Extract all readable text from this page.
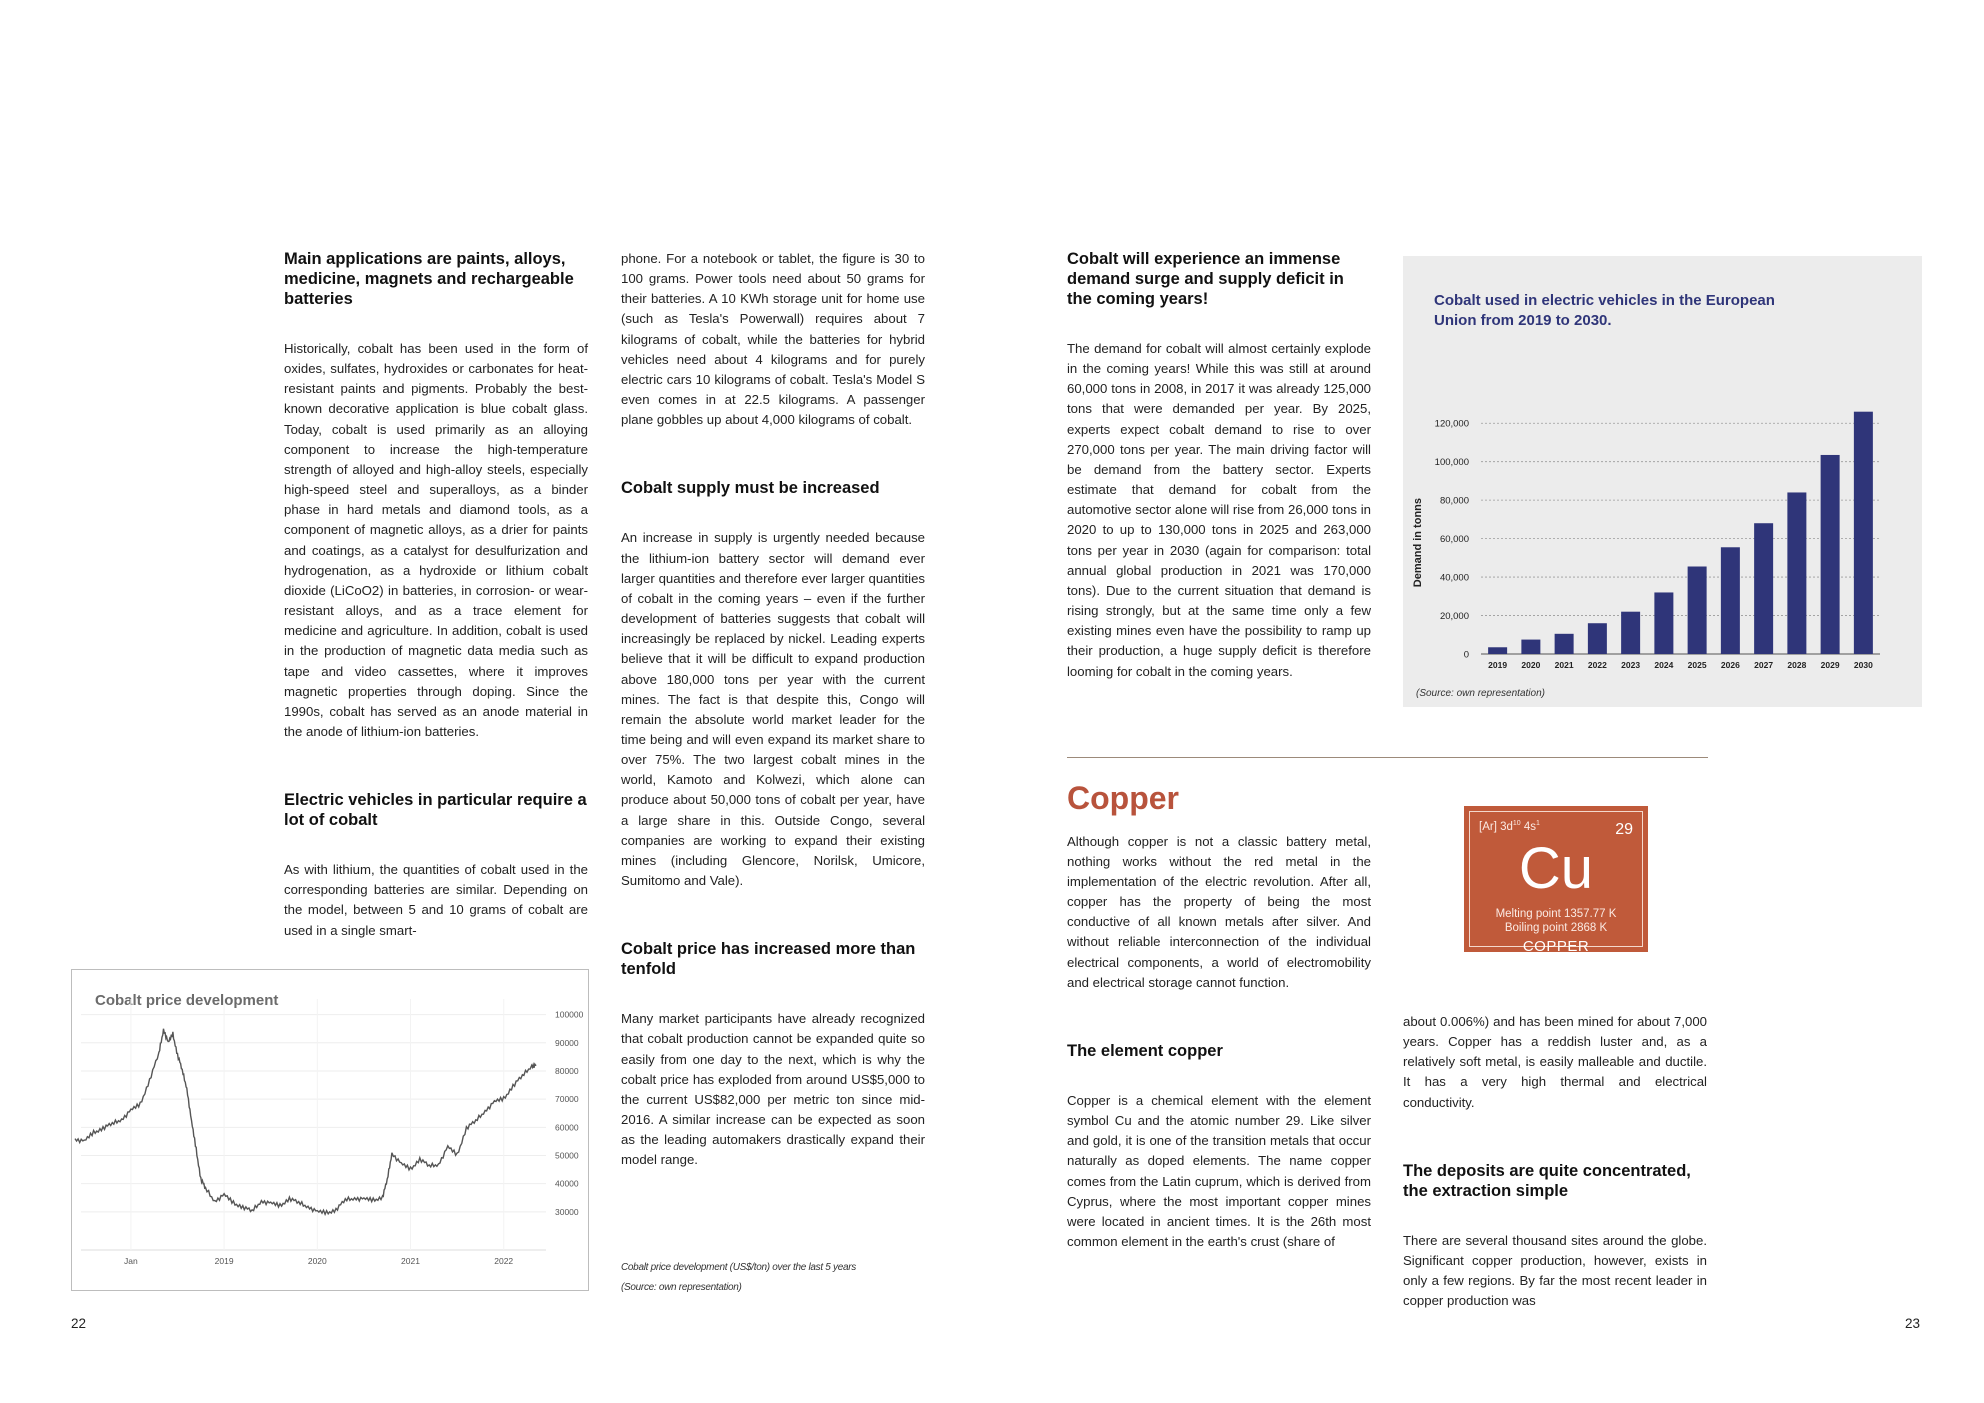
Main applications are paints, alloys, medicine, magnets and rechargeable batteries

Historically, cobalt has been used in the form of oxides, sulfates, hydroxides or carbonates for heat-resistant paints and pigments. Probably the best-known decorative application is blue cobalt glass. Today, cobalt is used primarily as an alloying component to increase the high-temperature strength of alloyed and high-alloy steels, especially high-speed steel and superalloys, as a binder phase in hard metals and diamond tools, as a component of magnetic alloys, as a drier for paints and coatings, as a catalyst for desulfurization and hydrogenation, as a hydroxide or lithium cobalt dioxide (LiCoO2) in batteries, in corrosion- or wear-resistant alloys, and as a trace element for medicine and agriculture. In addition, cobalt is used in the production of magnetic data media such as tape and video cassettes, where it improves magnetic properties through doping. Since the 1990s, cobalt has served as an anode material in the anode of lithium-ion batteries.

Electric vehicles in particular require a lot of cobalt

As with lithium, the quantities of cobalt used in the corresponding batteries are similar. Depending on the model, between 5 and 10 grams of cobalt are used in a single smart-

phone. For a notebook or tablet, the figure is 30 to 100 grams. Power tools need about 50 grams for their batteries. A 10 KWh storage unit for home use (such as Tesla's Powerwall) requires about 7 kilograms of cobalt, while the batteries for hybrid vehicles need about 4 kilograms and for purely electric cars 10 kilograms of cobalt. Tesla's Model S even comes in at 22.5 kilograms. A passenger plane gobbles up about 4,000 kilograms of cobalt.

Cobalt supply must be increased

An increase in supply is urgently needed because the lithium-ion battery sector will demand ever larger quantities and therefore ever larger quantities of cobalt in the coming years – even if the further development of batteries suggests that cobalt will increasingly be replaced by nickel. Leading experts believe that it will be difficult to expand production above 180,000 tons per year with the current mines. The fact is that despite this, Congo will remain the absolute world market leader for the time being and will even expand its market share to over 75%. The two largest cobalt mines in the world, Kamoto and Kolwezi, which alone can produce about 50,000 tons of cobalt per year, have a large share in this. Outside Congo, several companies are working to expand their existing mines (including Glencore, Norilsk, Umicore, Sumitomo and Vale).

Cobalt price has increased more than tenfold

Many market participants have already recognized that cobalt production cannot be expanded quite so easily from one day to the next, which is why the cobalt price has exploded from around US$5,000 to the current US$82,000 per metric ton since mid-2016. A similar increase can be expected as soon as the leading automakers drastically expand their model range.

Cobalt price development (US$/ton) over the last 5 years
(Source: own representation)
Cobalt price development
30000
40000
50000
60000
70000
80000
90000
100000
Jan	2019	2020	2021	2022
22
Cobalt will experience an immense demand surge and supply deficit in the coming years!

The demand for cobalt will almost certainly explode in the coming years! While this was still at around 60,000 tons in 2008, in 2017 it was already 125,000 tons that were demanded per year. By 2025, experts expect cobalt demand to rise to over 270,000 tons per year. The main driving factor will be demand from the battery sector. Experts estimate that demand for cobalt from the automotive sector alone will rise from 26,000 tons in 2020 to up to 130,000 tons in 2025 and 263,000 tons per year in 2030 (again for comparison: total annual global production in 2021 was 170,000 tons). Due to the current situation that demand is rising strongly, but at the same time only a few existing mines even have the possibility to ramp up their production, a huge supply deficit is therefore looming for cobalt in the coming years.

Copper

Although copper is not a classic battery metal, nothing works without the red metal in the implementation of the electric revolution. After all, copper has the property of being the most conductive of all known metals after silver. And without reliable interconnection of the individual electrical components, a world of electromobility and electrical storage cannot function.

The element copper

Copper is a chemical element with the element symbol Cu and the atomic number 29. Like silver and gold, it is one of the transition metals that occur naturally as doped elements. The name copper comes from the Latin cuprum, which is derived from Cyprus, where the most important copper mines were located in ancient times. It is the 26th most common element in the earth's crust (share of

about 0.006%) and has been mined for about 7,000 years. Copper has a reddish luster and, as a relatively soft metal, is easily malleable and ductile. It has a very high thermal and electrical conductivity.

The deposits are quite concentrated, the extraction simple

There are several thousand sites around the globe. Significant copper production, however, exists in only a few regions. By far the most recent leader in copper production was

[Ar] $3d^{10}$ $4s^1$	29
Cu
Melting point 1357.77 K
Boiling point 2868 K
COPPER
Cobalt used in electric vehicles in the European
Union from 2019 to 2030.
0
20,000
40,000
60,000
80,000
100,000
120,000
2019 2020 2021 2022 2023 2024 2025 2026 2027 2028 2029 2030
Demand in tonns
(Source: own representation)
23
